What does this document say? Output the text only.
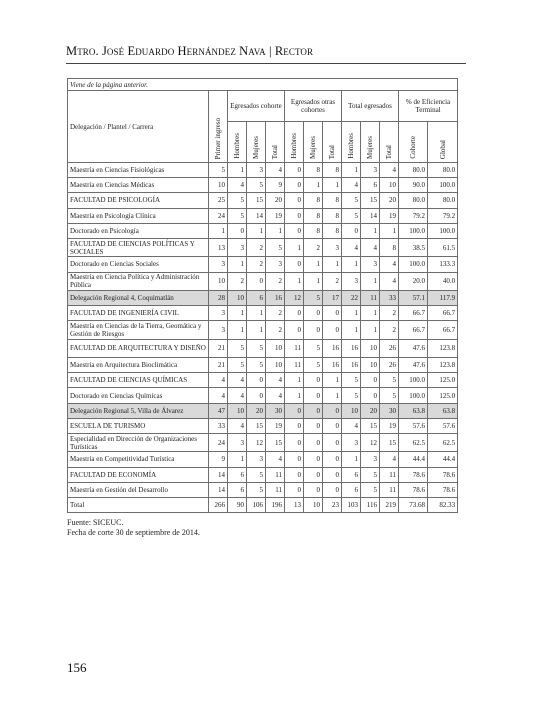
Mtro. José Eduardo Hernández Nava | Rector
Viene de la página anterior.												
Delegación / Plantel / Carrera	Primer ingreso	Egresados cohorte			Egresados otras cohortes			Total egresados			% de Eficiencia Terminal	

		Hombres	Mujeres	Total	Hombres	Mujeres	Total	Hombres	Mujeres	Total	Cohorte	Global

Maestría en Ciencias Fisiológicas	5	1	3	4	0	8	8	1	3	4	80.0	80.0
Maestría en Ciencias Médicas	10	4	5	9	0	1	1	4	6	10	90.0	100.0
FACULTAD DE PSICOLOGÍA	25	5	15	20	0	8	8	5	15	20	80.0	80.0
Maestría en Psicología Clínica	24	5	14	19	0	8	8	5	14	19	79.2	79.2
Doctorado en Psicología	1	0	1	1	0	8	8	0	1	1	100.0	100.0
FACULTAD DE CIENCIAS POLÍTICAS Y SOCIALES	13	3	2	5	1	2	3	4	4	8	38.5	61.5
Doctorado en Ciencias Sociales	3	1	2	3	0	1	1	1	3	4	100.0	133.3
Maestría en Ciencia Política y Administración Pública	10	2	0	2	1	1	2	3	1	4	20.0	40.0
Delegación Regional 4, Coquimatlán	28	10	6	16	12	5	17	22	11	33	57.1	117.9
FACULTAD DE INGENIERÍA CIVIL	3	1	1	2	0	0	0	1	1	2	66.7	66.7
Maestría en Ciencias de la Tierra, Geomática y Gestión de Riesgos	3	1	1	2	0	0	0	1	1	2	66.7	66.7
FACULTAD DE ARQUITECTURA Y DISEÑO	21	5	5	10	11	5	16	16	10	26	47.6	123.8
Maestría en Arquitectura Bioclimática	21	5	5	10	11	5	16	16	10	26	47.6	123.8
FACULTAD DE CIENCIAS QUÍMICAS	4	4	0	4	1	0	1	5	0	5	100.0	125.0
Doctorado en Ciencias Químicas	4	4	0	4	1	0	1	5	0	5	100.0	125.0
Delegación Regional 5, Villa de Álvarez	47	10	20	30	0	0	0	10	20	30	63.8	63.8
ESCUELA DE TURISMO	33	4	15	19	0	0	0	4	15	19	57.6	57.6
Especialidad en Dirección de Organizaciones Turísticas	24	3	12	15	0	0	0	3	12	15	62.5	62.5
Maestría en Competitividad Turística	9	1	3	4	0	0	0	1	3	4	44.4	44.4
FACULTAD DE ECONOMÍA	14	6	5	11	0	0	0	6	5	11	78.6	78.6
Maestría en Gestión del Desarrollo	14	6	5	11	0	0	0	6	5	11	78.6	78.6
Total	266	90	106	196	13	10	23	103	116	219	73.68	82.33
Fuente: SICEUC.
Fecha de corte 30 de septiembre de 2014.
156
